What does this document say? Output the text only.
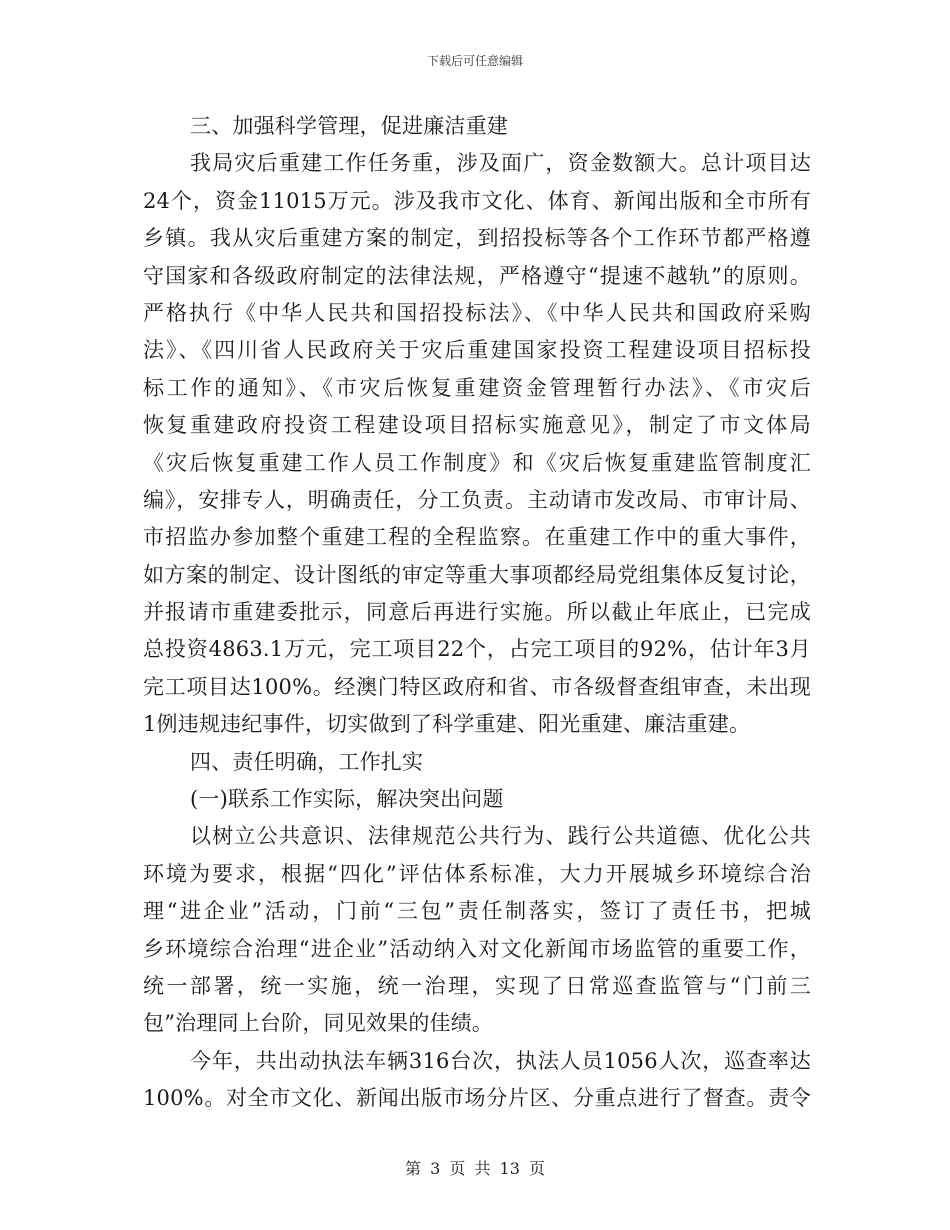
下载后可任意编辑
三、加强科学管理，促进廉洁重建
我局灾后重建工作任务重，涉及面广，资金数额大。总计项目达
24个，资金11015万元。涉及我市文化、体育、新闻出版和全市所有
乡镇。我从灾后重建方案的制定，到招投标等各个工作环节都严格遵
守国家和各级政府制定的法律法规，严格遵守“提速不越轨”的原则。
严格执行《中华人民共和国招投标法》、《中华人民共和国政府采购
法》、《四川省人民政府关于灾后重建国家投资工程建设项目招标投
标工作的通知》、《市灾后恢复重建资金管理暂行办法》、《市灾后
恢复重建政府投资工程建设项目招标实施意见》，制定了市文体局
《灾后恢复重建工作人员工作制度》和《灾后恢复重建监管制度汇
编》，安排专人，明确责任，分工负责。主动请市发改局、市审计局、
市招监办参加整个重建工程的全程监察。在重建工作中的重大事件，
如方案的制定、设计图纸的审定等重大事项都经局党组集体反复讨论，
并报请市重建委批示，同意后再进行实施。所以截止年底止，已完成
总投资4863.1万元，完工项目22个，占完工项目的92%，估计年3月
完工项目达100%。经澳门特区政府和省、市各级督查组审查，未出现
1例违规违纪事件，切实做到了科学重建、阳光重建、廉洁重建。
四、责任明确，工作扎实
(一)联系工作实际，解决突出问题
以树立公共意识、法律规范公共行为、践行公共道德、优化公共
环境为要求，根据“四化”评估体系标准，大力开展城乡环境综合治
理“进企业”活动，门前“三包”责任制落实，签订了责任书，把城
乡环境综合治理“进企业”活动纳入对文化新闻市场监管的重要工作，
统一部署，统一实施，统一治理，实现了日常巡查监管与“门前三
包”治理同上台阶，同见效果的佳绩。
今年，共出动执法车辆316台次，执法人员1056人次，巡查率达
100%。对全市文化、新闻出版市场分片区、分重点进行了督查。责令
第 3 页 共 13 页
